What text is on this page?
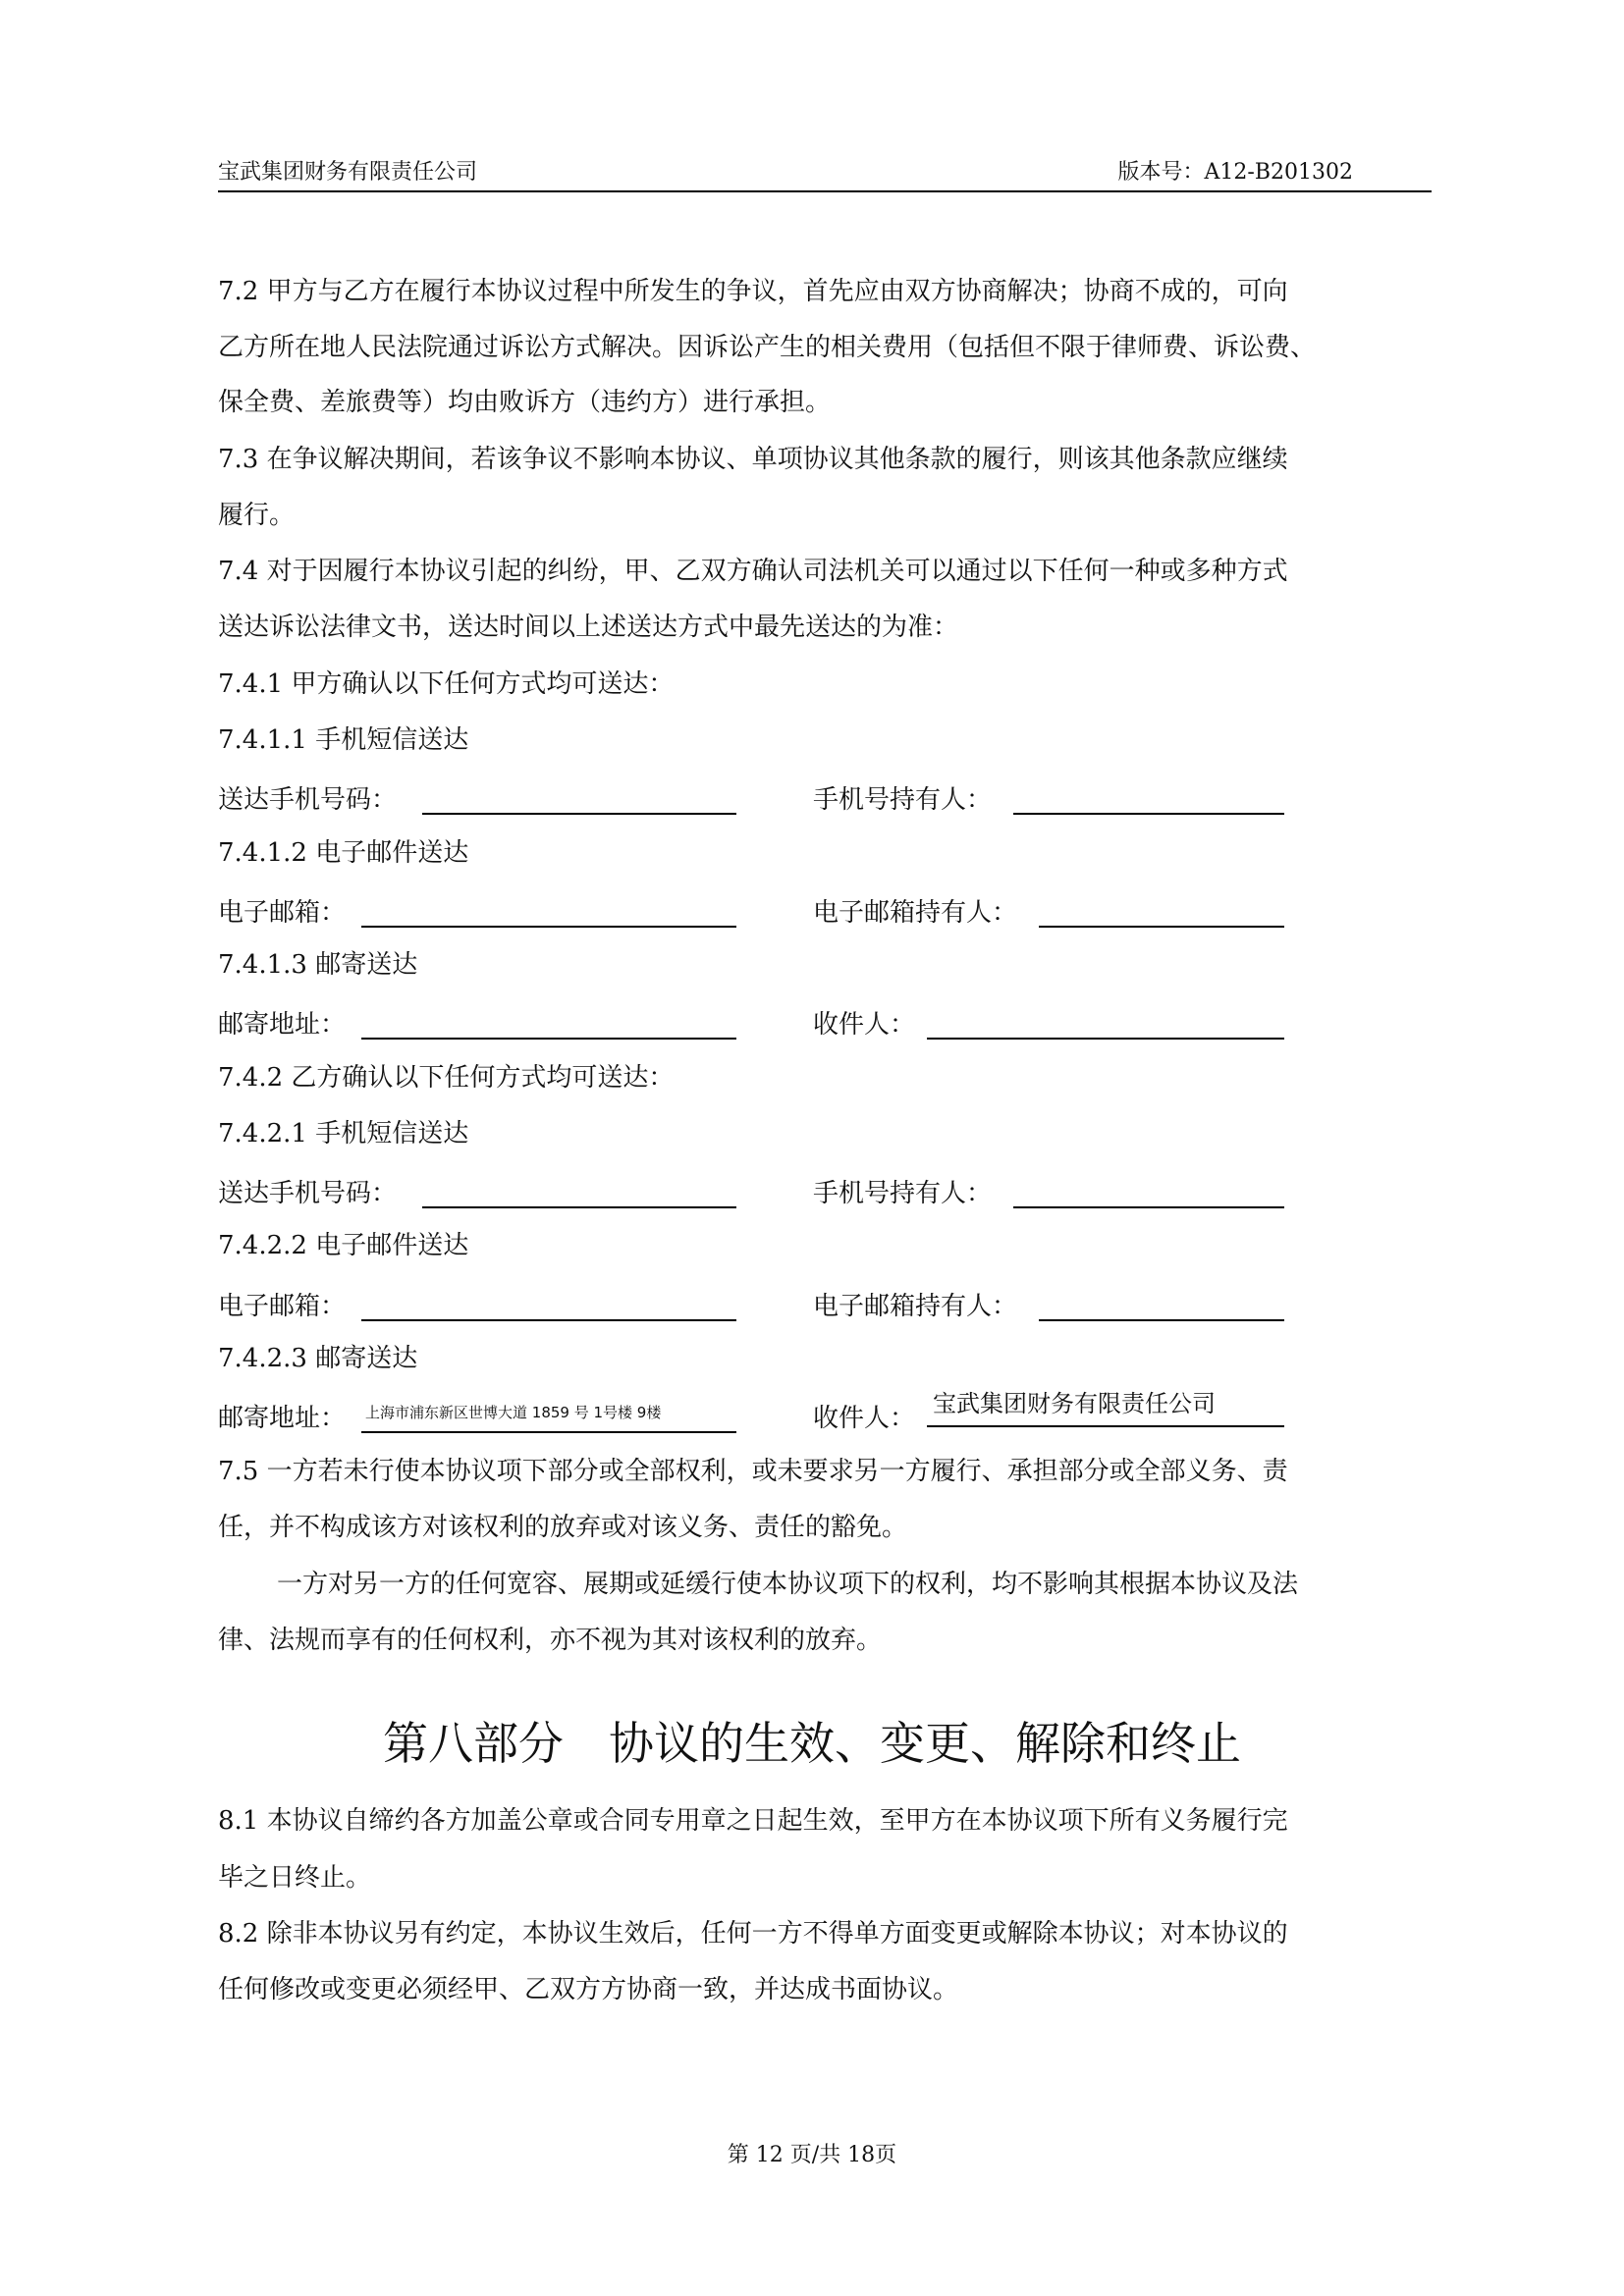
宝武集团财务有限责任公司	版本号：A12-B201302
7.2 甲方与乙方在履行本协议过程中所发生的争议，首先应由双方协商解决；协商不成的，可向
乙方所在地人民法院通过诉讼方式解决。因诉讼产生的相关费用（包括但不限于律师费、诉讼费、
保全费、差旅费等）均由败诉方（违约方）进行承担。
7.3 在争议解决期间，若该争议不影响本协议、单项协议其他条款的履行，则该其他条款应继续
履行。
7.4 对于因履行本协议引起的纠纷，甲、乙双方确认司法机关可以通过以下任何一种或多种方式
送达诉讼法律文书，送达时间以上述送达方式中最先送达的为准：
7.4.1 甲方确认以下任何方式均可送达：
7.4.1.1 手机短信送达
送达手机号码：	手机号持有人：
7.4.1.2 电子邮件送达
电子邮箱：	电子邮箱持有人：
7.4.1.3 邮寄送达
邮寄地址：	收件人：
7.4.2 乙方确认以下任何方式均可送达：
7.4.2.1 手机短信送达
送达手机号码：	手机号持有人：
7.4.2.2 电子邮件送达
电子邮箱：	电子邮箱持有人：
7.4.2.3 邮寄送达
邮寄地址： 上海市浦东新区世博大道 1859 号 1号楼 9楼	收件人： 宝武集团财务有限责任公司
7.5 一方若未行使本协议项下部分或全部权利，或未要求另一方履行、承担部分或全部义务、责
任，并不构成该方对该权利的放弃或对该义务、责任的豁免。
一方对另一方的任何宽容、展期或延缓行使本协议项下的权利，均不影响其根据本协议及法
律、法规而享有的任何权利，亦不视为其对该权利的放弃。
第八部分　协议的生效、变更、解除和终止
8.1 本协议自缔约各方加盖公章或合同专用章之日起生效，至甲方在本协议项下所有义务履行完
毕之日终止。
8.2 除非本协议另有约定，本协议生效后，任何一方不得单方面变更或解除本协议；对本协议的
任何修改或变更必须经甲、乙双方方协商一致，并达成书面协议。
第 12 页/共 18页
